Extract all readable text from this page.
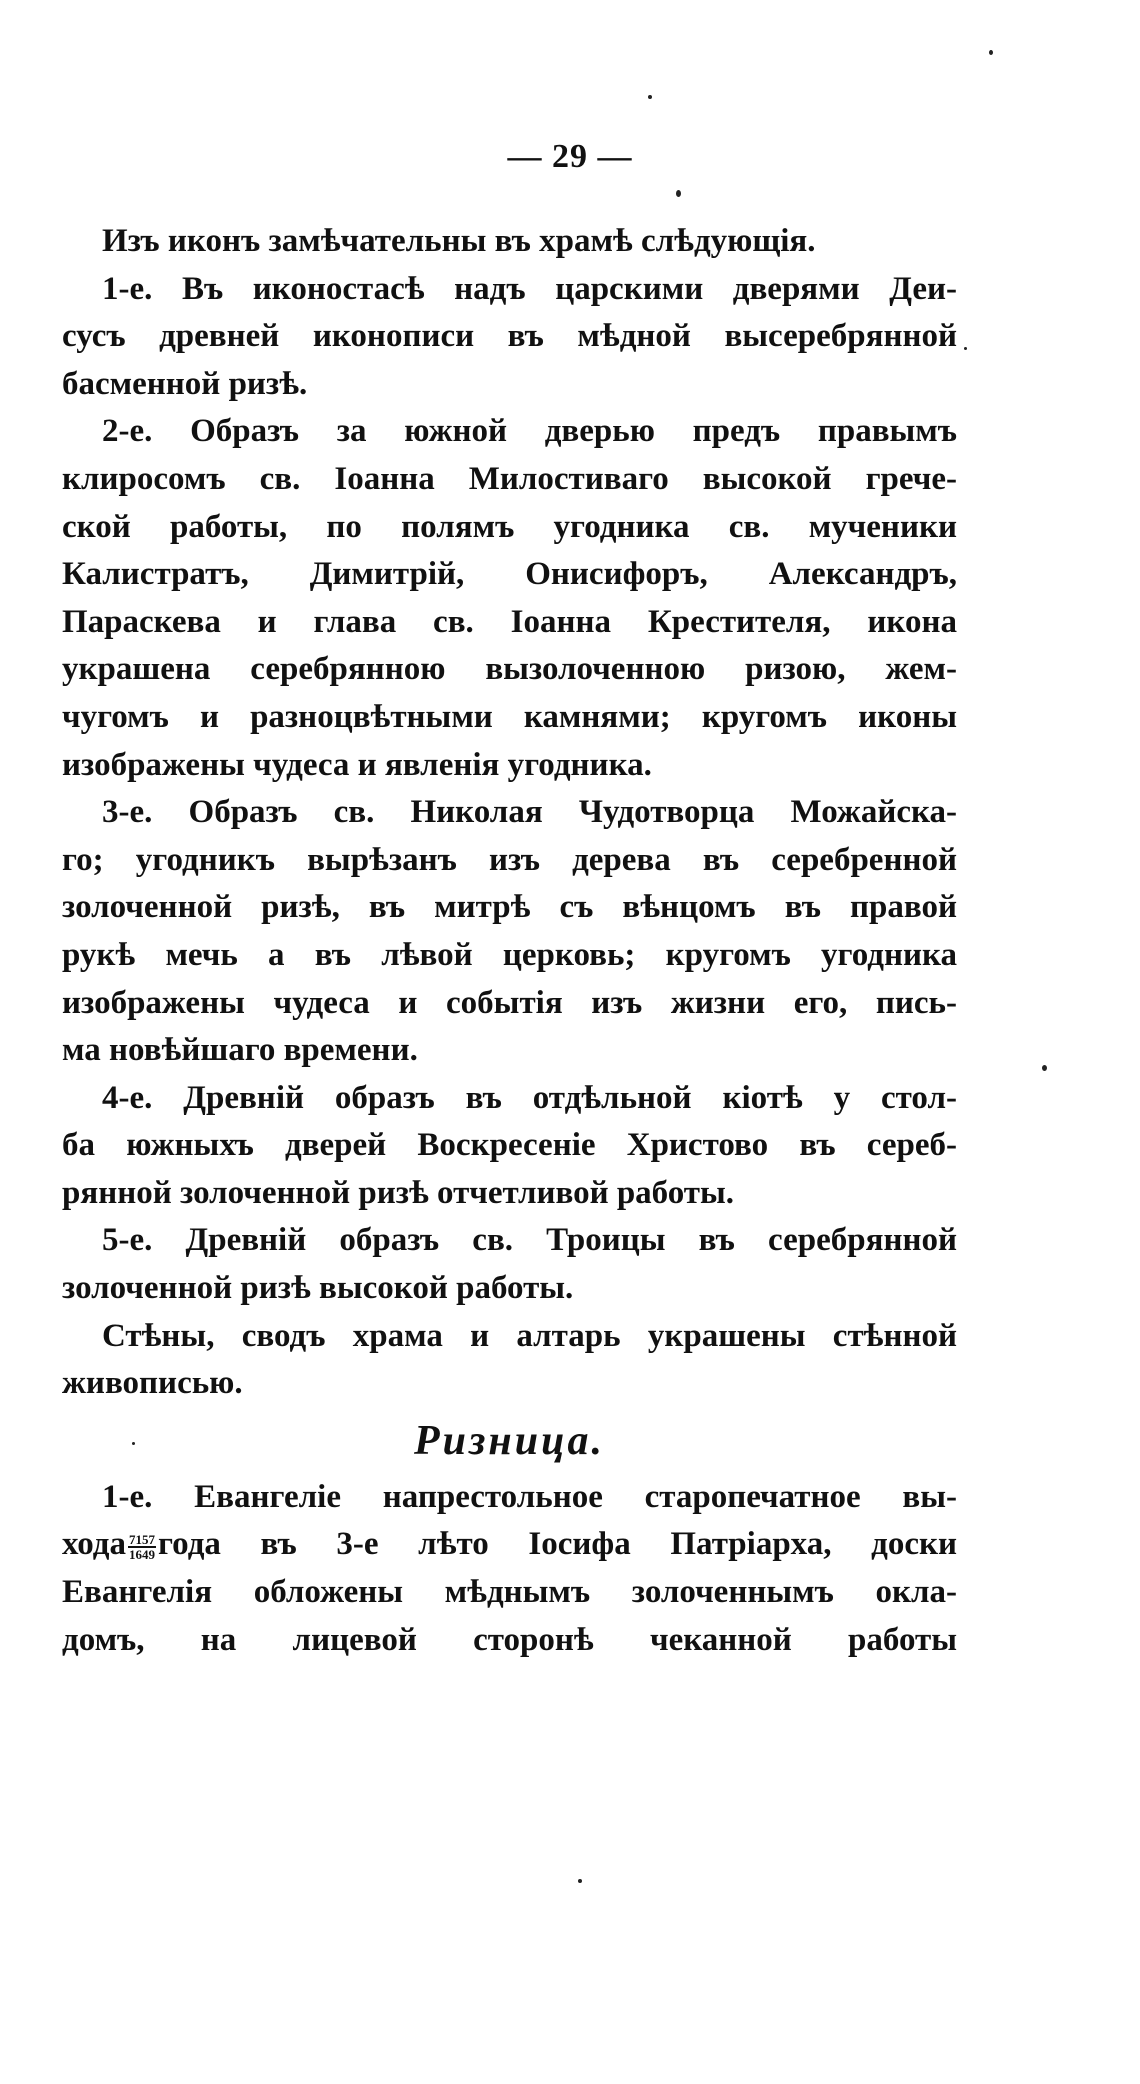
— 29 —
Изъ иконъ замѣчательны въ храмѣ слѣдующія.
1-е. Въ иконостасѣ надъ царскими дверями Деи-
сусъ древней иконописи въ мѣдной высеребрянной
басменной ризѣ.
2-е. Образъ за южной дверью предъ правымъ
клиросомъ св. Іоанна Милостиваго высокой грече-
ской работы, по полямъ угодника св. мученики
Калистратъ, Димитрій, Онисифоръ, Александръ,
Параскева и глава св. Іоанна Крестителя, икона
украшена серебрянною вызолоченною ризою, жем-
чугомъ и разноцвѣтными камнями; кругомъ иконы
изображены чудеса и явленія угодника.
3-е. Образъ св. Николая Чудотворца Можайска-
го; угодникъ вырѣзанъ изъ дерева въ серебренной
золоченной ризѣ, въ митрѣ съ вѣнцомъ въ правой
рукѣ мечь а въ лѣвой церковь; кругомъ угодника
изображены чудеса и событія изъ жизни его, пись-
ма новѣйшаго времени.
4-е. Древній образъ въ отдѣльной кіотѣ у стол-
ба южныхъ дверей Воскресеніе Христово въ сереб-
рянной золоченной ризѣ отчетливой работы.
5-е. Древній образъ св. Троицы въ серебрянной
золоченной ризѣ высокой работы.
Стѣны, сводъ храма и алтарь украшены стѣнной
живописью.
Ризница.
1-е. Евангеліе напрестольное старопечатное вы-
хода $\frac{7157}{1649}$ года въ 3-е лѣто Іосифа Патріарха, доски
Евангелія обложены мѣднымъ золоченнымъ окла-
домъ, на лицевой сторонѣ чеканной работы
